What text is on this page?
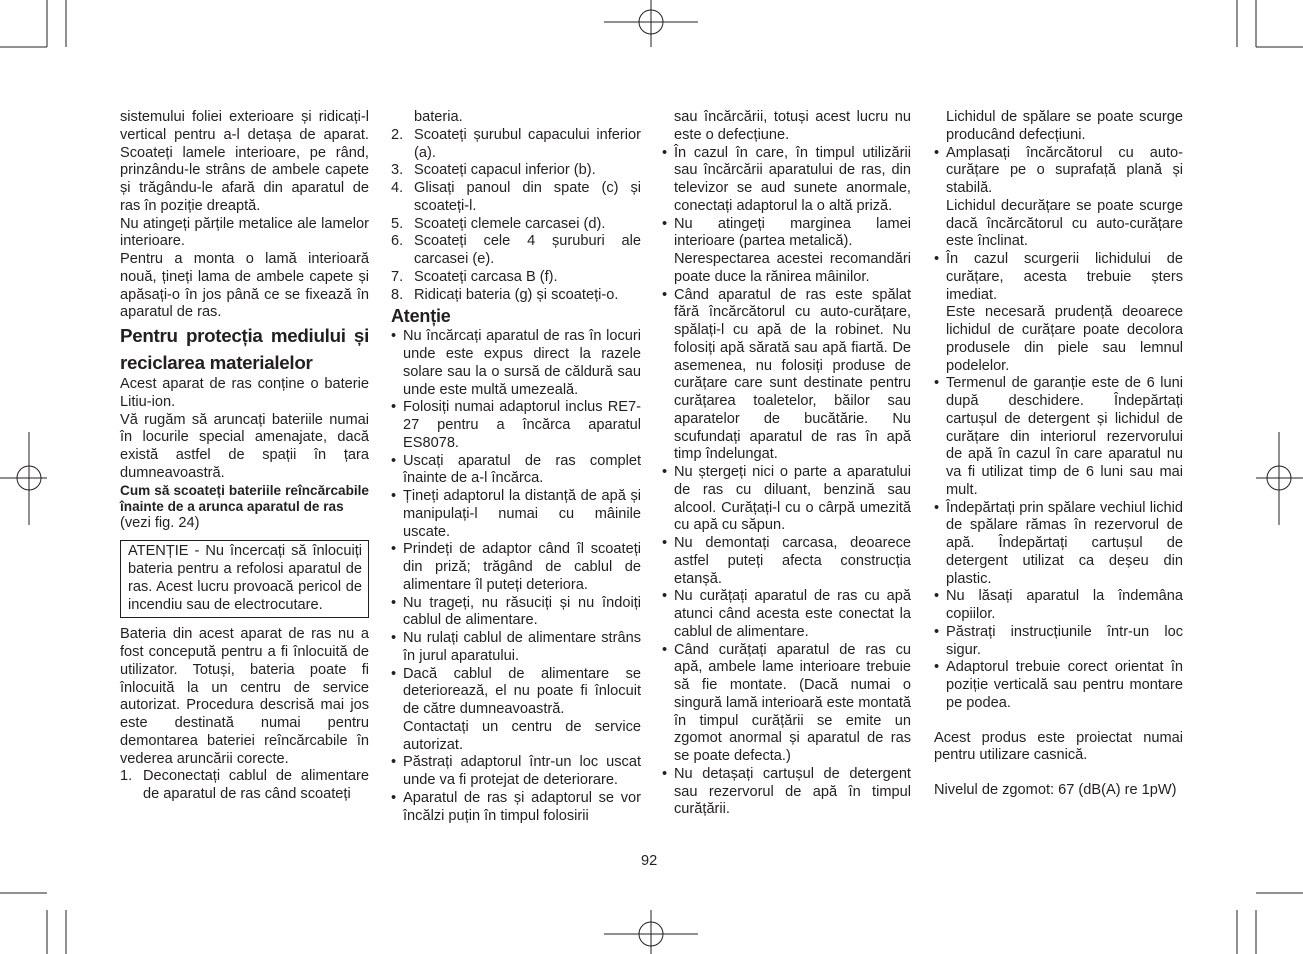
sistemului foliei exterioare și ridicați-l vertical pentru a-l detașa de aparat. Scoateți lamele interioare, pe rând, prinzându-le strâns de ambele capete și trăgându-le afară din aparatul de ras în poziție dreaptă.

Nu atingeți părțile metalice ale lamelor interioare.

Pentru a monta o lamă interioară nouă, țineți lama de ambele capete și apăsați-o în jos până ce se fixează în aparatul de ras.

Pentru protecția mediului și reciclarea materialelor

Acest aparat de ras conține o baterie Litiu-ion.

Vă rugăm să aruncați bateriile numai în locurile special amenajate, dacă există astfel de spații în țara dumneavoastră.

Cum să scoateți bateriile reîncărcabile înainte de a arunca aparatul de ras

(vezi fig. 24)

ATENȚIE - Nu încercați să înlocuiți bateria pentru a refolosi aparatul de ras. Acest lucru provoacă pericol de incendiu sau de electrocutare.

Bateria din acest aparat de ras nu a fost concepută pentru a fi înlocuită de utilizator. Totuși, bateria poate fi înlocuită la un centru de service autorizat. Procedura descrisă mai jos este destinată numai pentru demontarea bateriei reîncărcabile în vederea aruncării corecte.

1. Deconectați cablul de alimentare de aparatul de ras când scoateți
bateria.
2. Scoateți șurubul capacului inferior (a).
3. Scoateți capacul inferior (b).
4. Glisați panoul din spate (c) și scoateți-l.
5. Scoateți clemele carcasei (d).
6. Scoateți cele 4 șuruburi ale carcasei (e).
7. Scoateți carcasa B (f).
8. Ridicați bateria (g) și scoateți-o.

Atenție

• Nu încărcați aparatul de ras în locuri unde este expus direct la razele solare sau la o sursă de căldură sau unde este multă umezeală.
• Folosiți numai adaptorul inclus RE7-27 pentru a încărca aparatul ES8078.
• Uscați aparatul de ras complet înainte de a-l încărca.
• Țineți adaptorul la distanță de apă și manipulați-l numai cu mâinile uscate.
• Prindeți de adaptor când îl scoateți din priză; trăgând de cablul de alimentare îl puteți deteriora.
• Nu trageți, nu răsuciți și nu îndoiți cablul de alimentare.
• Nu rulați cablul de alimentare strâns în jurul aparatului.
• Dacă cablul de alimentare se deteriorează, el nu poate fi înlocuit de către dumneavoastră.

Contactați un centru de service autorizat.

• Păstrați adaptorul într-un loc uscat unde va fi protejat de deteriorare.
• Aparatul de ras și adaptorul se vor încălzi puțin în timpul folosirii
sau încărcării, totuși acest lucru nu este o defecțiune.
• În cazul în care, în timpul utilizării sau încărcării aparatului de ras, din televizor se aud sunete anormale, conectați adaptorul la o altă priză.
• Nu atingeți marginea lamei interioare (partea metalică).

Nerespectarea acestei recomandări poate duce la rănirea mâinilor.

• Când aparatul de ras este spălat fără încărcătorul cu auto-curățare, spălați-l cu apă de la robinet. Nu folosiți apă sărată sau apă fiartă. De asemenea, nu folosiți produse de curățare care sunt destinate pentru curățarea toaletelor, băilor sau aparatelor de bucătărie. Nu scufundați aparatul de ras în apă timp îndelungat.
• Nu ștergeți nici o parte a aparatului de ras cu diluant, benzină sau alcool. Curățați-l cu o cârpă umezită cu apă cu săpun.
• Nu demontați carcasa, deoarece astfel puteți afecta construcția etanșă.
• Nu curățați aparatul de ras cu apă atunci când acesta este conectat la cablul de alimentare.
• Când curățați aparatul de ras cu apă, ambele lame interioare trebuie să fie montate. (Dacă numai o singură lamă interioară este montată în timpul curățării se emite un zgomot anormal și aparatul de ras se poate defecta.)
• Nu detașați cartușul de detergent sau rezervorul de apă în timpul curățării.
Lichidul de spălare se poate scurge producând defecțiuni.
• Amplasați încărcătorul cu auto-curățare pe o suprafață plană și stabilă.

Lichidul decurățare se poate scurge dacă încărcătorul cu auto-curățare este înclinat.

• În cazul scurgerii lichidului de curățare, acesta trebuie șters imediat.

Este necesară prudență deoarece lichidul de curățare poate decolora produsele din piele sau lemnul podelelor.

• Termenul de garanție este de 6 luni după deschidere. Îndepărtați cartușul de detergent și lichidul de curățare din interiorul rezervorului de apă în cazul în care aparatul nu va fi utilizat timp de 6 luni sau mai mult.
• Îndepărtați prin spălare vechiul lichid de spălare rămas în rezervorul de apă. Îndepărtați cartușul de detergent utilizat ca deșeu din plastic.
• Nu lăsați aparatul la îndemâna copiilor.
• Păstrați instrucțiunile într-un loc sigur.
• Adaptorul trebuie corect orientat în poziție verticală sau pentru montare pe podea.

Acest produs este proiectat numai pentru utilizare casnică.

Nivelul de zgomot: 67 (dB(A) re 1pW)

92
